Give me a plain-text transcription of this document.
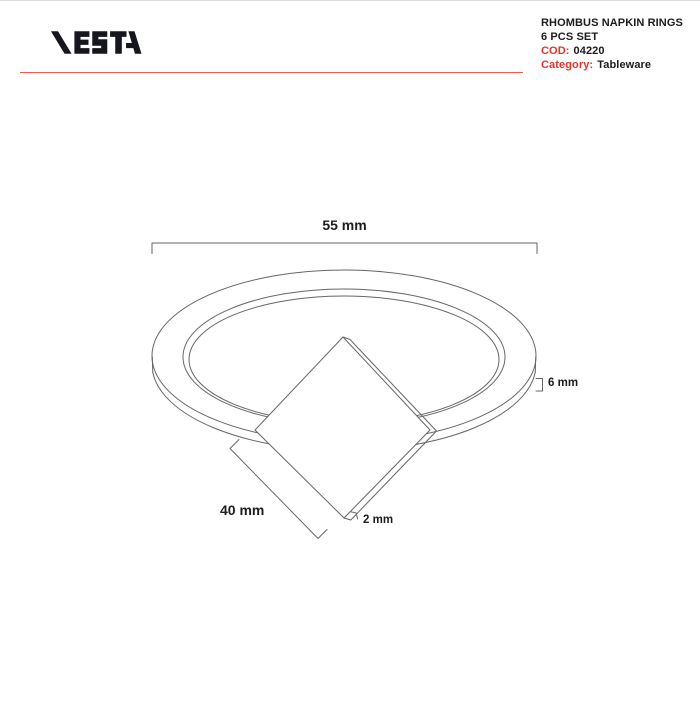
RHOMBUS NAPKIN RINGS
6 PCS SET
COD: 04220
Category: Tableware
55 mm
6 mm
40 mm
2 mm
